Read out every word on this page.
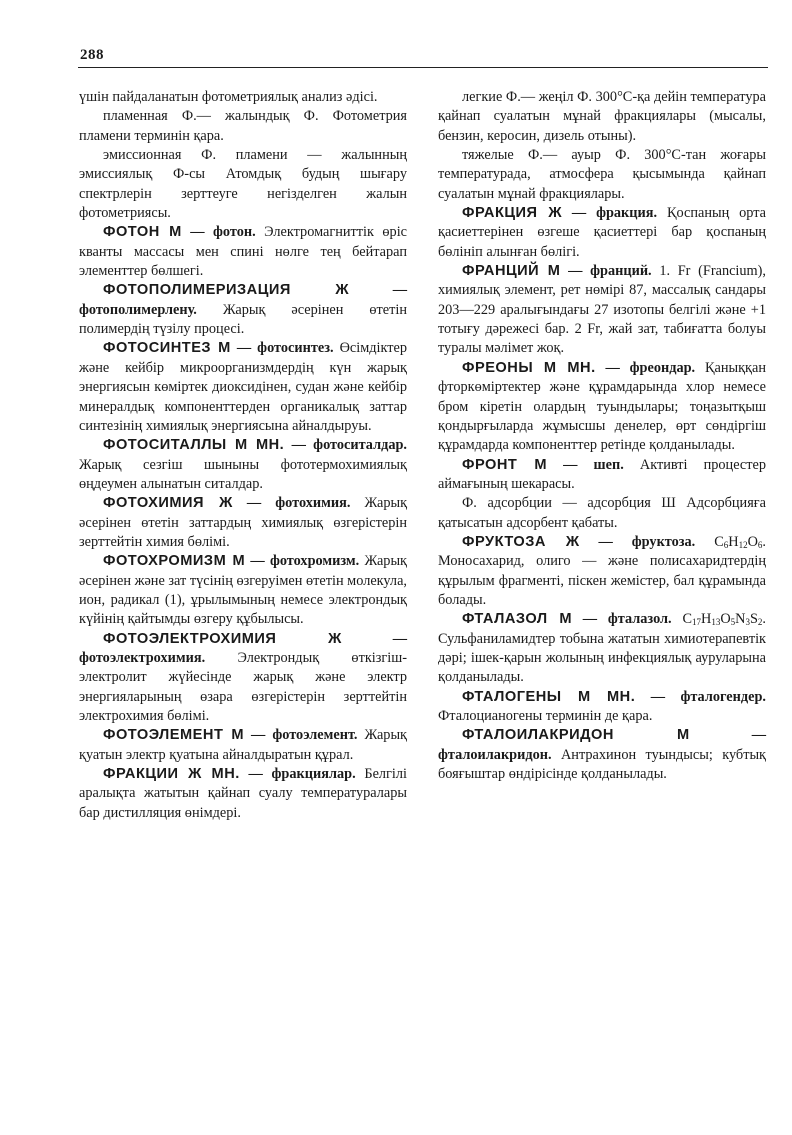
288

үшін пайдаланатын фотометриялық анализ әдісі.

пламенная Ф.— жалындық Ф. Фотометрия пламени терминін қара.

эмиссионная Ф. пламени — жалынның эмиссиялық Ф-сы Атомдық будың шығару спектрлерін зерттеуге негізделген жалын фотометриясы.

ФОТОН М — фотон. Электромагниттік өріс кванты массасы мен спині нөлге тең бейтарап элементтер бөлшегі.

ФОТОПОЛИМЕРИЗАЦИЯ Ж	— фотополимерлену. Жарық әсерінен өтетін полимердің түзілу процесі.

ФОТОСИНТЕЗ М — фотосинтез. Өсімдіктер және кейбір микроорганизмдердің күн жарық энергиясын көміртек диоксидінен, судан және кейбір минералдық компоненттерден органикалық заттар синтезінің химиялық энергиясына айналдыруы.

ФОТОСИТАЛЛЫ М МН. — фотоситалдар. Жарық сезгіш шыныны фототермохимиялық өңдеумен алынатын ситалдар.

ФОТОХИМИЯ Ж — фотохимия. Жарық әсерінен өтетін заттардың химиялық өзгерістерін зерттейтін химия бөлімі.

ФОТОХРОМИЗМ М — фотохромизм. Жарық әсерінен және зат түсінің өзгеруімен өтетін молекула, ион, радикал (1), ұрылымының немесе электрондық күйінің қайтымды өзгеру құбылысы.

ФОТОЭЛЕКТРОХИМИЯ Ж	— фотоэлектрохимия. Электрондық өткізгіш-электролит жүйесінде жарық және электр энергияларының өзара өзгерістерін зерттейтін электрохимия бөлімі.

ФОТОЭЛЕМЕНТ М — фотоэлемент. Жарық қуатын электр қуатына айналдыратын құрал.

ФРАКЦИИ Ж МН. — фракциялар. Белгілі аралықта жатытын қайнап суалу температуралары бар дистилляция өнімдері.

легкие Ф.— жеңіл Ф. 300°С-қа дейін температура қайнап суалатын мұнай фракциялары (мысалы, бензин, керосин, дизель отыны).

тяжелые Ф.— ауыр Ф. 300°С-тан жоғары температурада, атмосфера қысымында қайнап суалатын мұнай фракциялары.

ФРАКЦИЯ Ж — фракция. Қоспаның орта қасиеттерінен өзгеше қасиеттері бар қоспаның бөлініп алынған бөлігі.

ФРАНЦИЙ М — франций. 1. Fr (Francium), химиялық элемент, рет нөмірі 87, массалық сандары 203—229 аралығындағы 27 изотопы белгілі және +1 тотығу дәрежесі бар. 2 Fr, жай зат, табиғатта болуы туралы мәлімет жоқ.

ФРЕОНЫ М МН. — фреондар. Қаныққан фторкөміртектер және құрамдарында хлор немесе бром кіретін олардың туындылары; тоңазытқыш қондырғыларда жұмысшы денелер, өрт сөндіргіш құрамдарда компоненттер ретінде қолданылады.

ФРОНТ М — шеп. Активті процестер аймағының шекарасы.

Ф. адсорбции — адсорбция Ш Адсорбцияға қатысатын адсорбент қабаты.

ФРУКТОЗА Ж — фруктоза. $C_6H_{12}O_6$. Моносахарид, олиго — және полисахаридтердің құрылым фрагменті, піскен жемістер, бал құрамында болады.

ФТАЛАЗОЛ М — фталазол. $C_{17}H_{13}O_5N_3S_2$. Сульфаниламидтер тобына жататын химиотерапевтік дәрі; ішек-қарын жолының инфекциялық ауруларына қолданылады.

ФТАЛОГЕНЫ М МН. — фталогендер. Фталоцианогены терминін де қара.

ФТАЛОИЛАКРИДОН М	— фталоилакридон. Антрахинон туындысы; кубтық бояғыштар өндірісінде қолданылады.
